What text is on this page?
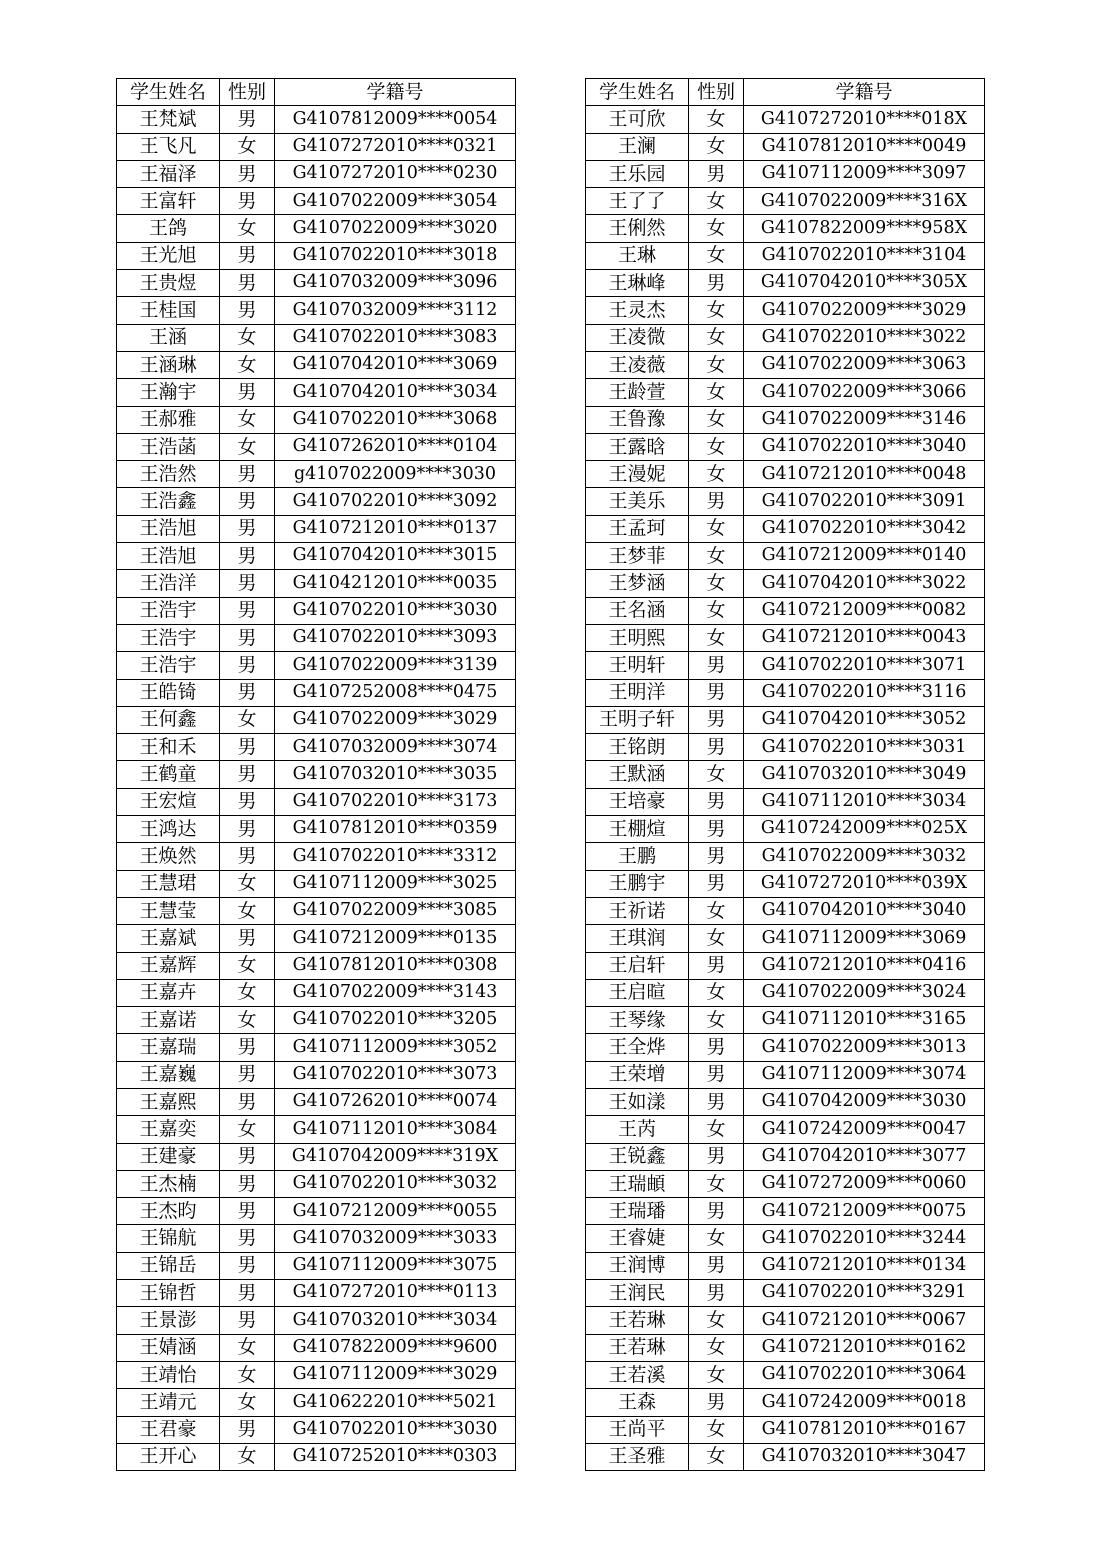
学生姓名	性别	学籍号
王梵斌	男	G4107812009****0054
王飞凡	女	G4107272010****0321
王福泽	男	G4107272010****0230
王富轩	男	G4107022009****3054
王鸽	女	G4107022009****3020
王光旭	男	G4107022010****3018
王贵煜	男	G4107032009****3096
王桂国	男	G4107032009****3112
王涵	女	G4107022010****3083
王涵琳	女	G4107042010****3069
王瀚宇	男	G4107042010****3034
王郝雅	女	G4107022010****3068
王浩菡	女	G4107262010****0104
王浩然	男	g4107022009****3030
王浩鑫	男	G4107022010****3092
王浩旭	男	G4107212010****0137
王浩旭	男	G4107042010****3015
王浩洋	男	G4104212010****0035
王浩宇	男	G4107022010****3030
王浩宇	男	G4107022010****3093
王浩宇	男	G4107022009****3139
王皓锜	男	G4107252008****0475
王何鑫	女	G4107022009****3029
王和禾	男	G4107032009****3074
王鹤童	男	G4107032010****3035
王宏煊	男	G4107022010****3173
王鸿达	男	G4107812010****0359
王焕然	男	G4107022010****3312
王慧珺	女	G4107112009****3025
王慧莹	女	G4107022009****3085
王嘉斌	男	G4107212009****0135
王嘉辉	女	G4107812010****0308
王嘉卉	女	G4107022009****3143
王嘉诺	女	G4107022010****3205
王嘉瑞	男	G4107112009****3052
王嘉巍	男	G4107022010****3073
王嘉熙	男	G4107262010****0074
王嘉奕	女	G4107112010****3084
王建豪	男	G4107042009****319X
王杰楠	男	G4107022010****3032
王杰昀	男	G4107212009****0055
王锦航	男	G4107032009****3033
王锦岳	男	G4107112009****3075
王锦哲	男	G4107272010****0113
王景澎	男	G4107032010****3034
王婧涵	女	G4107822009****9600
王靖怡	女	G4107112009****3029
王靖元	女	G4106222010****5021
王君豪	男	G4107022010****3030
王开心	女	G4107252010****0303
学生姓名	性别	学籍号
王可欣	女	G4107272010****018X
王澜	女	G4107812010****0049
王乐园	男	G4107112009****3097
王了了	女	G4107022009****316X
王俐然	女	G4107822009****958X
王琳	女	G4107022010****3104
王琳峰	男	G4107042010****305X
王灵杰	女	G4107022009****3029
王凌微	女	G4107022010****3022
王凌薇	女	G4107022009****3063
王龄萱	女	G4107022009****3066
王鲁豫	女	G4107022009****3146
王露晗	女	G4107022010****3040
王漫妮	女	G4107212010****0048
王美乐	男	G4107022010****3091
王孟珂	女	G4107022010****3042
王梦菲	女	G4107212009****0140
王梦涵	女	G4107042010****3022
王名涵	女	G4107212009****0082
王明熙	女	G4107212010****0043
王明轩	男	G4107022010****3071
王明洋	男	G4107022010****3116
王明子轩	男	G4107042010****3052
王铭朗	男	G4107022010****3031
王默涵	女	G4107032010****3049
王培豪	男	G4107112010****3034
王棚煊	男	G4107242009****025X
王鹏	男	G4107022009****3032
王鹏宇	男	G4107272010****039X
王祈诺	女	G4107042010****3040
王琪润	女	G4107112009****3069
王启轩	男	G4107212010****0416
王启暄	女	G4107022009****3024
王琴缘	女	G4107112010****3165
王全烨	男	G4107022009****3013
王荣增	男	G4107112009****3074
王如漾	男	G4107042009****3030
王芮	女	G4107242009****0047
王锐鑫	男	G4107042010****3077
王瑞頔	女	G4107272009****0060
王瑞璠	男	G4107212009****0075
王睿婕	女	G4107022010****3244
王润博	男	G4107212010****0134
王润民	男	G4107022010****3291
王若琳	女	G4107212010****0067
王若琳	女	G4107212010****0162
王若溪	女	G4107022010****3064
王森	男	G4107242009****0018
王尚平	女	G4107812010****0167
王圣雅	女	G4107032010****3047
